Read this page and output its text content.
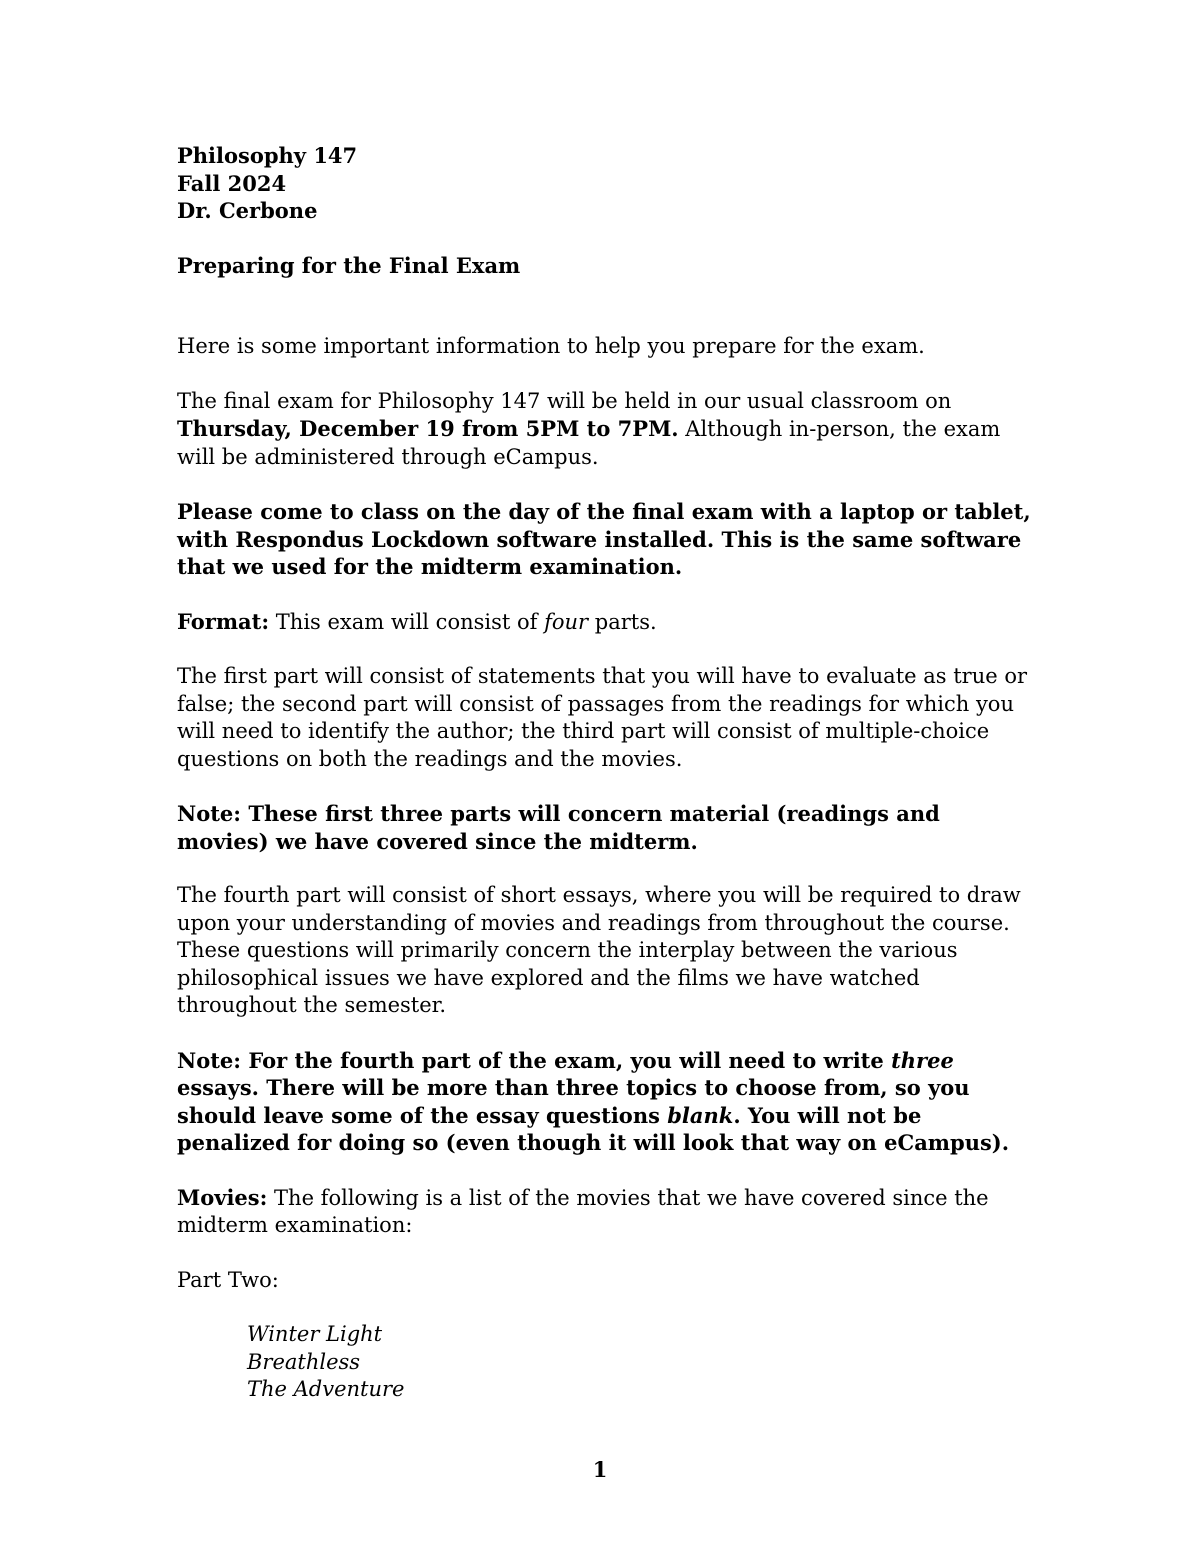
Philosophy 147
Fall 2024
Dr. Cerbone
Preparing for the Final Exam

Here is some important information to help you prepare for the exam.

The final exam for Philosophy 147 will be held in our usual classroom on Thursday, December 19 from 5PM to 7PM. Although in-person, the exam will be administered through eCampus.

Please come to class on the day of the final exam with a laptop or tablet, with Respondus Lockdown software installed. This is the same software that we used for the midterm examination.

Format: This exam will consist of four parts.

The first part will consist of statements that you will have to evaluate as true or false; the second part will consist of passages from the readings for which you will need to identify the author; the third part will consist of multiple-choice questions on both the readings and the movies.

Note: These first three parts will concern material (readings and movies) we have covered since the midterm.

The fourth part will consist of short essays, where you will be required to draw upon your understanding of movies and readings from throughout the course. These questions will primarily concern the interplay between the various philosophical issues we have explored and the films we have watched throughout the semester.

Note: For the fourth part of the exam, you will need to write three essays. There will be more than three topics to choose from, so you should leave some of the essay questions blank. You will not be penalized for doing so (even though it will look that way on eCampus).

Movies: The following is a list of the movies that we have covered since the midterm examination:

Part Two:

Winter Light
Breathless
The Adventure
1
